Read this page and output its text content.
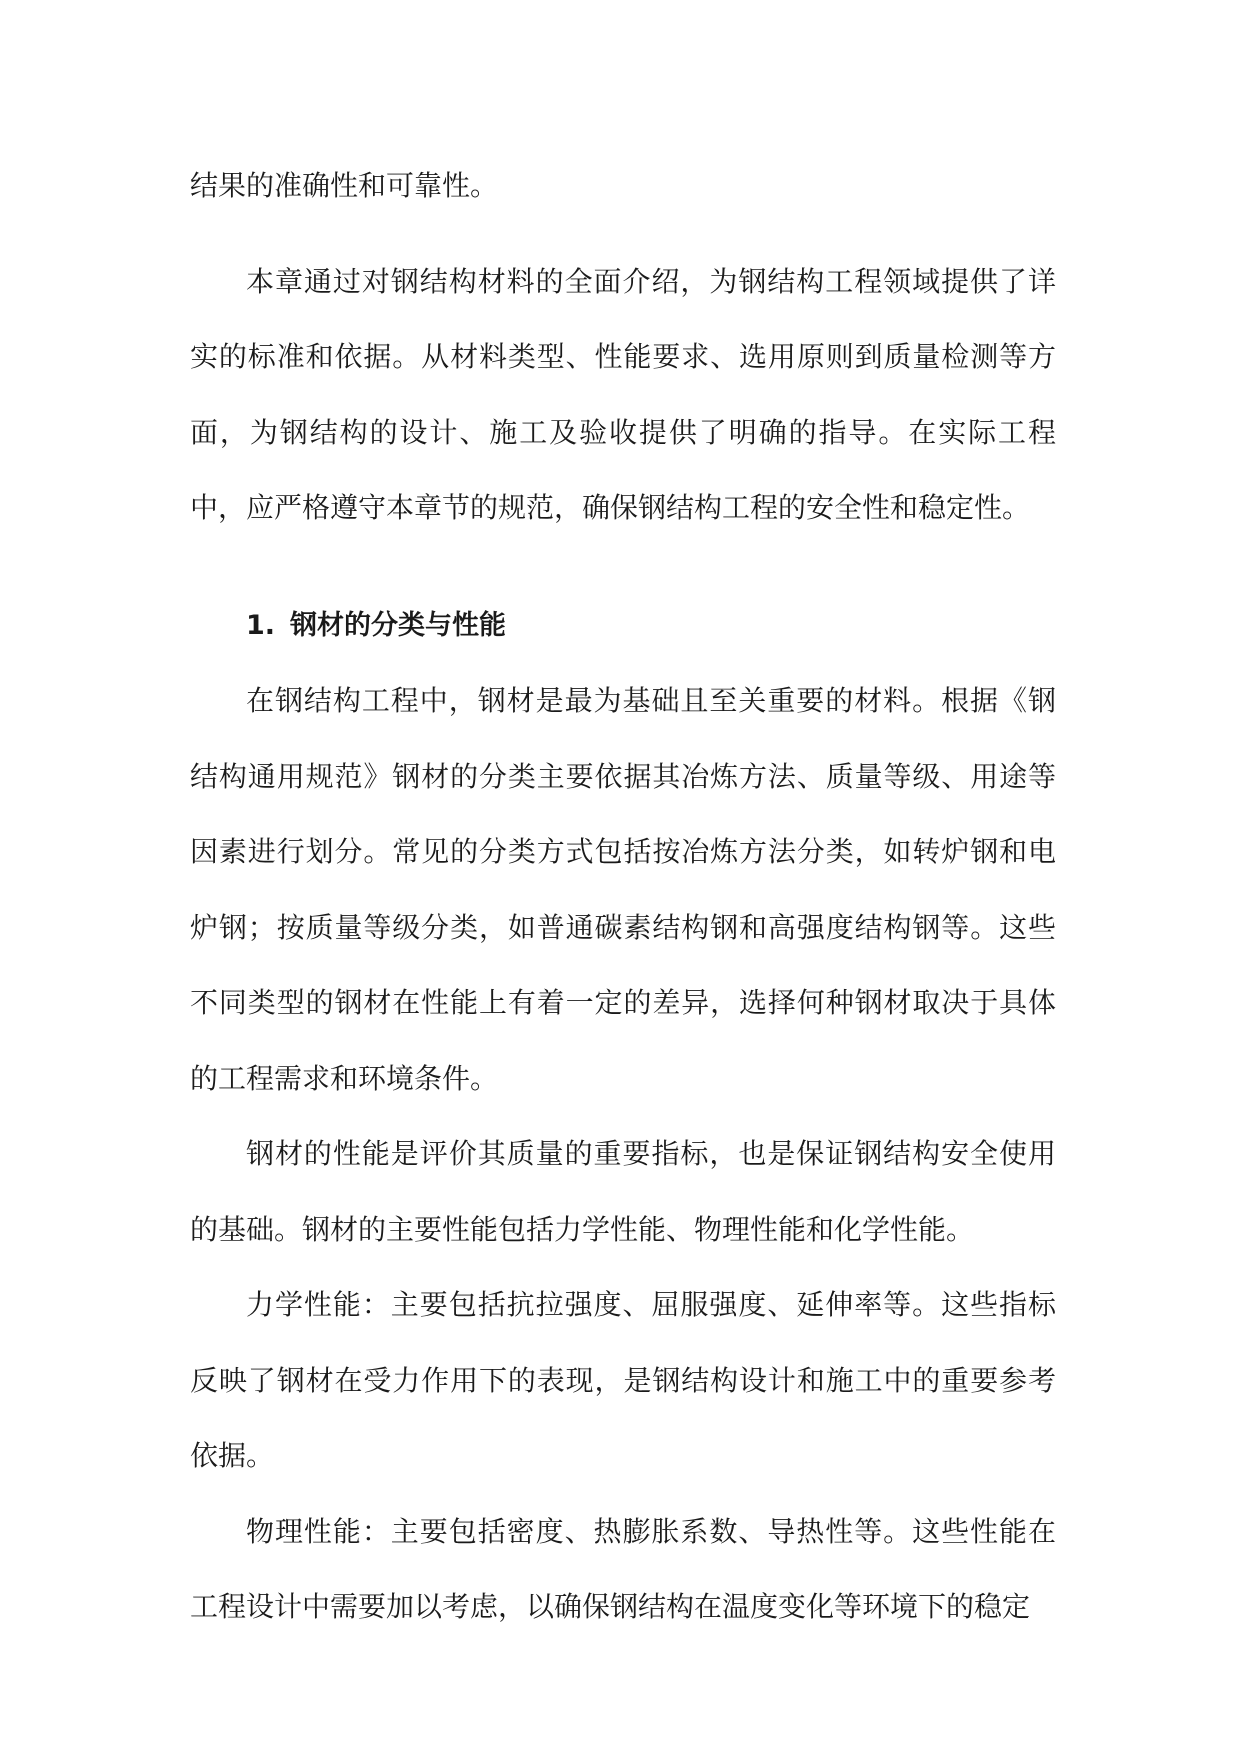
结果的准确性和可靠性。

本章通过对钢结构材料的全面介绍，为钢结构工程领域提供了详实的标准和依据。从材料类型、性能要求、选用原则到质量检测等方面，为钢结构的设计、施工及验收提供了明确的指导。在实际工程中，应严格遵守本章节的规范，确保钢结构工程的安全性和稳定性。

1. 钢材的分类与性能

在钢结构工程中，钢材是最为基础且至关重要的材料。根据《钢结构通用规范》钢材的分类主要依据其冶炼方法、质量等级、用途等因素进行划分。常见的分类方式包括按冶炼方法分类，如转炉钢和电炉钢；按质量等级分类，如普通碳素结构钢和高强度结构钢等。这些不同类型的钢材在性能上有着一定的差异，选择何种钢材取决于具体的工程需求和环境条件。

钢材的性能是评价其质量的重要指标，也是保证钢结构安全使用的基础。钢材的主要性能包括力学性能、物理性能和化学性能。

力学性能：主要包括抗拉强度、屈服强度、延伸率等。这些指标反映了钢材在受力作用下的表现，是钢结构设计和施工中的重要参考依据。

物理性能：主要包括密度、热膨胀系数、导热性等。这些性能在工程设计中需要加以考虑，以确保钢结构在温度变化等环境下的稳定
